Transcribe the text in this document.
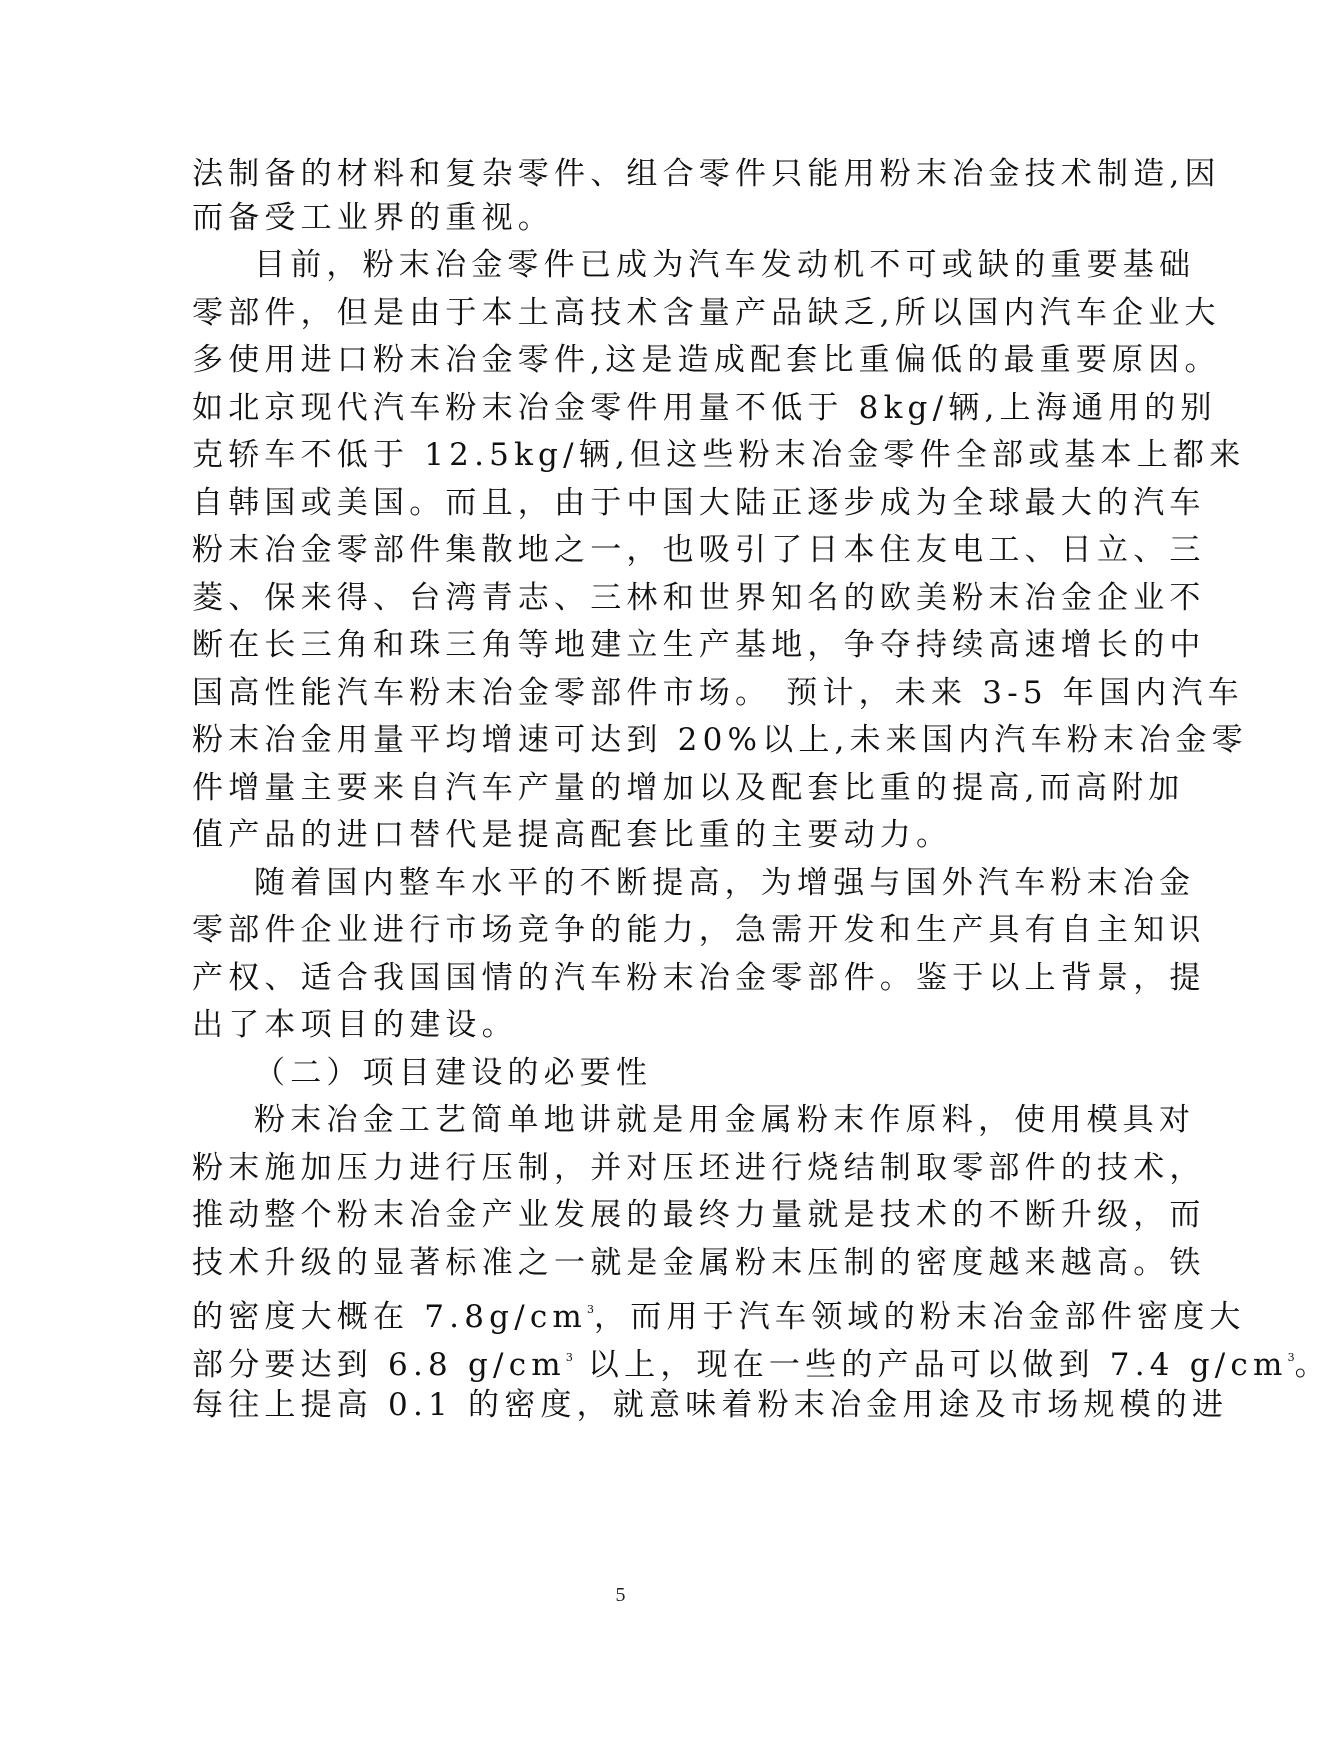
法制备的材料和复杂零件、组合零件只能用粉末冶金技术制造,因
而备受工业界的重视。
目前，粉末冶金零件已成为汽车发动机不可或缺的重要基础
零部件，但是由于本土高技术含量产品缺乏,所以国内汽车企业大
多使用进口粉末冶金零件,这是造成配套比重偏低的最重要原因。
如北京现代汽车粉末冶金零件用量不低于 8kg/辆,上海通用的别
克轿车不低于 12.5kg/辆,但这些粉末冶金零件全部或基本上都来
自韩国或美国。而且，由于中国大陆正逐步成为全球最大的汽车
粉末冶金零部件集散地之一，也吸引了日本住友电工、日立、三
菱、保来得、台湾青志、三林和世界知名的欧美粉末冶金企业不
断在长三角和珠三角等地建立生产基地，争夺持续高速增长的中
国高性能汽车粉末冶金零部件市场。 预计，未来 3-5 年国内汽车
粉末冶金用量平均增速可达到 20%以上,未来国内汽车粉末冶金零
件增量主要来自汽车产量的增加以及配套比重的提高,而高附加
值产品的进口替代是提高配套比重的主要动力。
随着国内整车水平的不断提高，为增强与国外汽车粉末冶金
零部件企业进行市场竞争的能力，急需开发和生产具有自主知识
产权、适合我国国情的汽车粉末冶金零部件。鉴于以上背景，提
出了本项目的建设。
（二）项目建设的必要性
粉末冶金工艺简单地讲就是用金属粉末作原料，使用模具对
粉末施加压力进行压制，并对压坯进行烧结制取零部件的技术，
推动整个粉末冶金产业发展的最终力量就是技术的不断升级，而
技术升级的显著标准之一就是金属粉末压制的密度越来越高。铁
的密度大概在 $7.8g/cm^3$，而用于汽车领域的粉末冶金部件密度大
部分要达到 6.8 $g/cm^3$ 以上，现在一些的产品可以做到 7.4 $g/cm^3$。
每往上提高 0.1 的密度，就意味着粉末冶金用途及市场规模的进
5
